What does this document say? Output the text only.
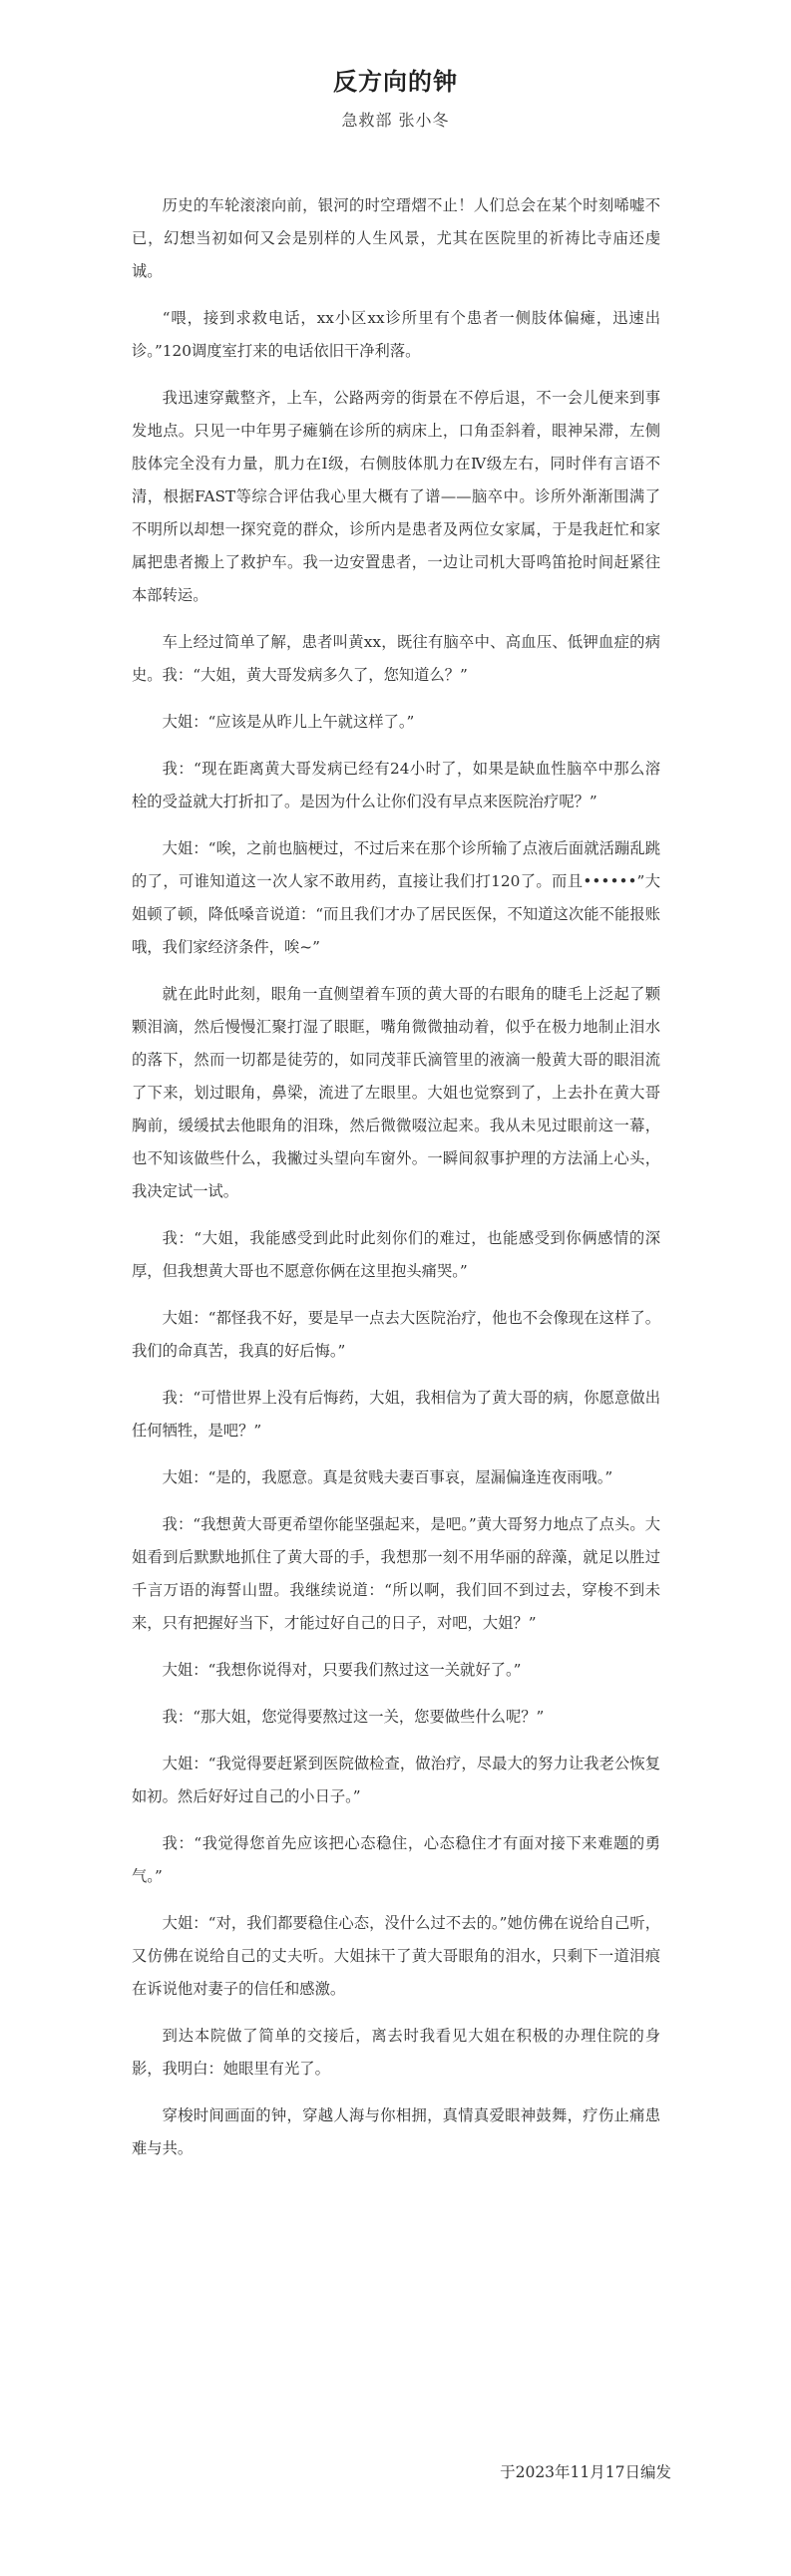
反方向的钟
急救部 张小冬

历史的车轮滚滚向前，银河的时空瑨熠不止！人们总会在某个时刻唏嘘不已，幻想当初如何又会是别样的人生风景，尤其在医院里的祈祷比寺庙还虔诚。

“喂，接到求救电话，xx小区xx诊所里有个患者一侧肢体偏瘫，迅速出诊。”120调度室打来的电话依旧干净利落。

我迅速穿戴整齐，上车，公路两旁的街景在不停后退，不一会儿便来到事发地点。只见一中年男子瘫躺在诊所的病床上，口角歪斜着，眼神呆滞，左侧肢体完全没有力量，肌力在Ⅰ级，右侧肢体肌力在Ⅳ级左右，同时伴有言语不清，根据FAST等综合评估我心里大概有了谱——脑卒中。诊所外渐渐围满了不明所以却想一探究竟的群众，诊所内是患者及两位女家属，于是我赶忙和家属把患者搬上了救护车。我一边安置患者，一边让司机大哥鸣笛抢时间赶紧往本部转运。

车上经过简单了解，患者叫黄xx，既往有脑卒中、高血压、低钾血症的病史。我：“大姐，黄大哥发病多久了，您知道么？”

大姐：“应该是从昨儿上午就这样了。”

我：“现在距离黄大哥发病已经有24小时了，如果是缺血性脑卒中那么溶栓的受益就大打折扣了。是因为什么让你们没有早点来医院治疗呢？”

大姐：“唉，之前也脑梗过，不过后来在那个诊所输了点液后面就活蹦乱跳的了，可谁知道这一次人家不敢用药，直接让我们打120了。而且••••••”大姐顿了顿，降低嗓音说道：“而且我们才办了居民医保，不知道这次能不能报账哦，我们家经济条件，唉~”

就在此时此刻，眼角一直侧望着车顶的黄大哥的右眼角的睫毛上泛起了颗颗泪滴，然后慢慢汇聚打湿了眼眶，嘴角微微抽动着，似乎在极力地制止泪水的落下，然而一切都是徒劳的，如同茂菲氏滴管里的液滴一般黄大哥的眼泪流了下来，划过眼角，鼻梁，流进了左眼里。大姐也觉察到了，上去扑在黄大哥胸前，缓缓拭去他眼角的泪珠，然后微微啜泣起来。我从未见过眼前这一幕，也不知该做些什么，我撇过头望向车窗外。一瞬间叙事护理的方法涌上心头，我决定试一试。

我：“大姐，我能感受到此时此刻你们的难过，也能感受到你俩感情的深厚，但我想黄大哥也不愿意你俩在这里抱头痛哭。”

大姐：“都怪我不好，要是早一点去大医院治疗，他也不会像现在这样了。我们的命真苦，我真的好后悔。”

我：“可惜世界上没有后悔药，大姐，我相信为了黄大哥的病，你愿意做出任何牺牲，是吧？”

大姐：“是的，我愿意。真是贫贱夫妻百事哀，屋漏偏逢连夜雨哦。”

我：“我想黄大哥更希望你能坚强起来，是吧。”黄大哥努力地点了点头。大姐看到后默默地抓住了黄大哥的手，我想那一刻不用华丽的辞藻，就足以胜过千言万语的海誓山盟。我继续说道：“所以啊，我们回不到过去，穿梭不到未来，只有把握好当下，才能过好自己的日子，对吧，大姐？”

大姐：“我想你说得对，只要我们熬过这一关就好了。”

我：“那大姐，您觉得要熬过这一关，您要做些什么呢？”

大姐：“我觉得要赶紧到医院做检查，做治疗，尽最大的努力让我老公恢复如初。然后好好过自己的小日子。”

我：“我觉得您首先应该把心态稳住，心态稳住才有面对接下来难题的勇气。”

大姐：“对，我们都要稳住心态，没什么过不去的。”她仿佛在说给自己听，又仿佛在说给自己的丈夫听。大姐抹干了黄大哥眼角的泪水，只剩下一道泪痕在诉说他对妻子的信任和感激。

到达本院做了简单的交接后，离去时我看见大姐在积极的办理住院的身影，我明白：她眼里有光了。

穿梭时间画面的钟，穿越人海与你相拥，真情真爱眼神鼓舞，疗伤止痛患难与共。

于2023年11月17日编发
